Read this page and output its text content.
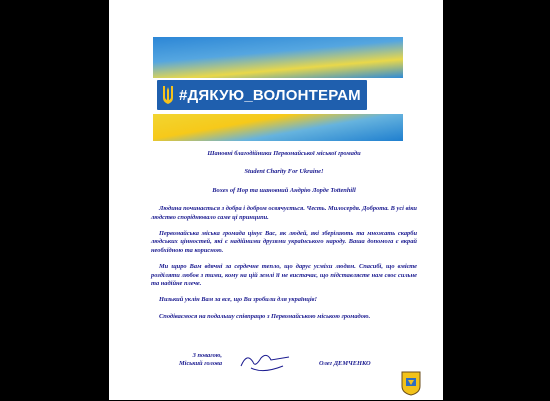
#ДЯКУЮ_ВОЛОНТЕРАМ

Шановні благодійники Первомайської міської громади

Student Charity For Ukraine!

Boxes of Hop та шановний Андрію Лорде Tottenhill

Людина починається з добра і добром освячується. Честь. Милосердя. Доброта. В усі віки людство споріднювало саме ці принципи.

Первомайська міська громада цінує Вас, як людей, які зберігають та множать скарби людських цінностей, які є надійними друзями українського народу. Ваша допомога є вкрай необхідною та корисною.

Ми щиро Вам вдячні за сердечне тепло, що дарує усміхи людям. Спасибі, що вмієте розділяти любов з тими, кому на цій землі її не вистачає, що підставляєте нам своє сильне та надійне плече.

Низький уклін Вам за все, що Ви зробили для українців!

Сподіваємося на подальшу співпрацю з Первомайською міською громадою.

З повагою,
Міський голова	Олег ДЕМЧЕНКО
